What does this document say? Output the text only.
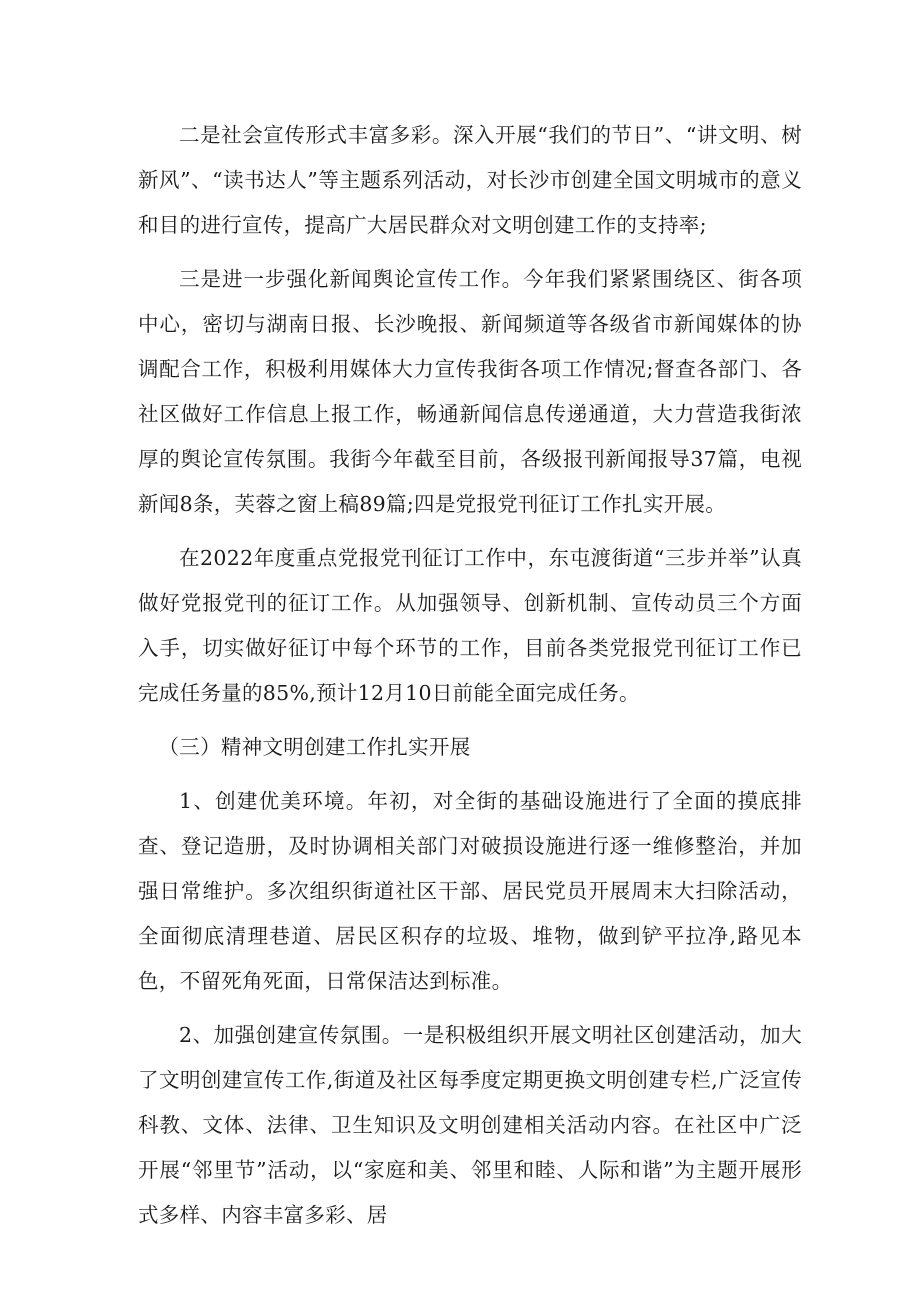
二是社会宣传形式丰富多彩。深入开展“我们的节日”、“讲文明、树新风”、“读书达人”等主题系列活动，对长沙市创建全国文明城市的意义和目的进行宣传，提高广大居民群众对文明创建工作的支持率;

三是进一步强化新闻舆论宣传工作。今年我们紧紧围绕区、街各项中心，密切与湖南日报、长沙晚报、新闻频道等各级省市新闻媒体的协调配合工作，积极利用媒体大力宣传我街各项工作情况;督查各部门、各社区做好工作信息上报工作，畅通新闻信息传递通道，大力营造我街浓厚的舆论宣传氛围。我街今年截至目前，各级报刊新闻报导37篇，电视新闻8条，芙蓉之窗上稿89篇;四是党报党刊征订工作扎实开展。

在2022年度重点党报党刊征订工作中，东屯渡街道“三步并举”认真做好党报党刊的征订工作。从加强领导、创新机制、宣传动员三个方面入手，切实做好征订中每个环节的工作，目前各类党报党刊征订工作已完成任务量的85%,预计12月10日前能全面完成任务。

（三）精神文明创建工作扎实开展

1、创建优美环境。年初，对全街的基础设施进行了全面的摸底排查、登记造册，及时协调相关部门对破损设施进行逐一维修整治，并加强日常维护。多次组织街道社区干部、居民党员开展周末大扫除活动，全面彻底清理巷道、居民区积存的垃圾、堆物，做到铲平拉净,路见本色，不留死角死面，日常保洁达到标准。

2、加强创建宣传氛围。一是积极组织开展文明社区创建活动，加大了文明创建宣传工作,街道及社区每季度定期更换文明创建专栏,广泛宣传科教、文体、法律、卫生知识及文明创建相关活动内容。在社区中广泛开展“邻里节”活动，以“家庭和美、邻里和睦、人际和谐”为主题开展形式多样、内容丰富多彩、居
